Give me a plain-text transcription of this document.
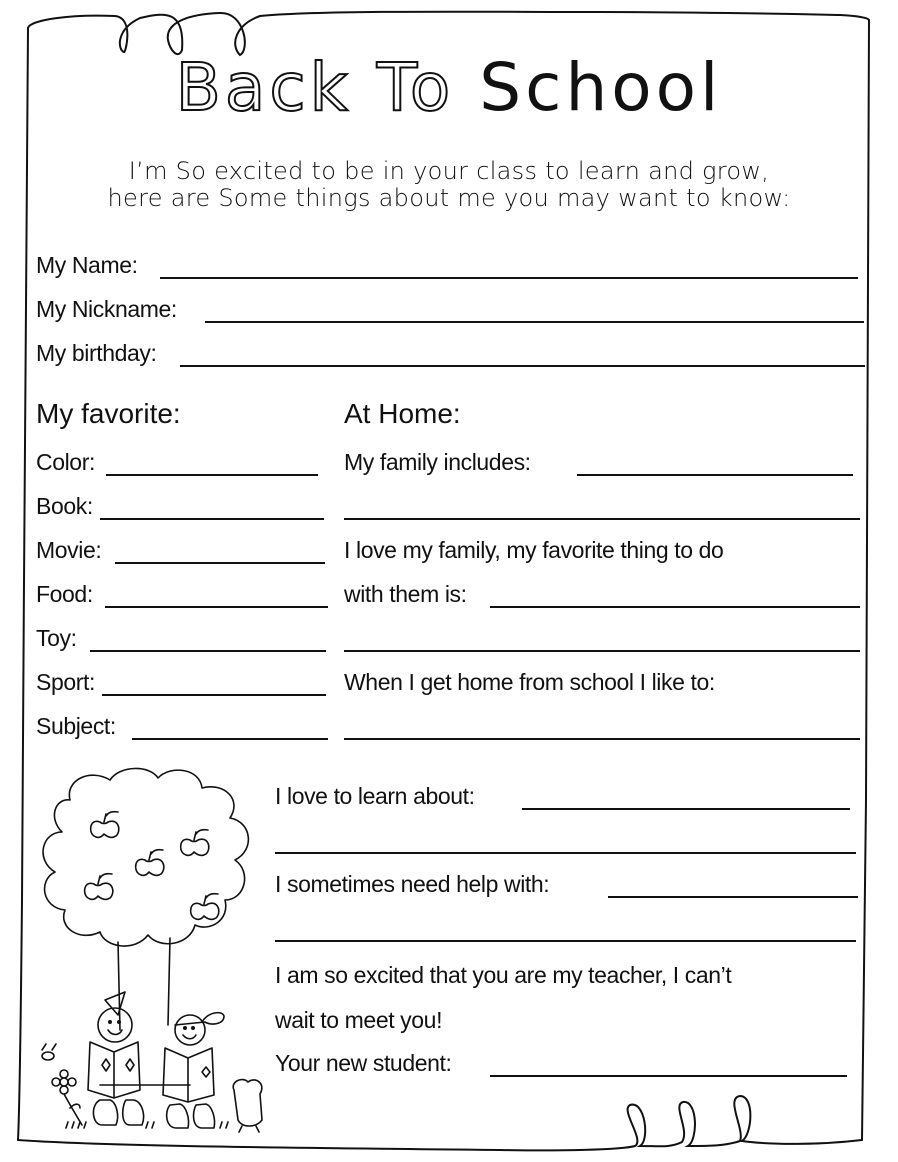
Back To School
I’m So excited to be in your class to learn and grow,
here are Some things about me you may want to know:
My Name:
My Nickname:
My birthday:
My favorite:
Color:
Book:
Movie:
Food:
Toy:
Sport:
Subject:
At Home:
My family includes:
I love my family, my favorite thing to do
with them is:
When I get home from school I like to:
I love to learn about:
I sometimes need help with:
I am so excited that you are my teacher, I can’t
wait to meet you!
Your new student:
